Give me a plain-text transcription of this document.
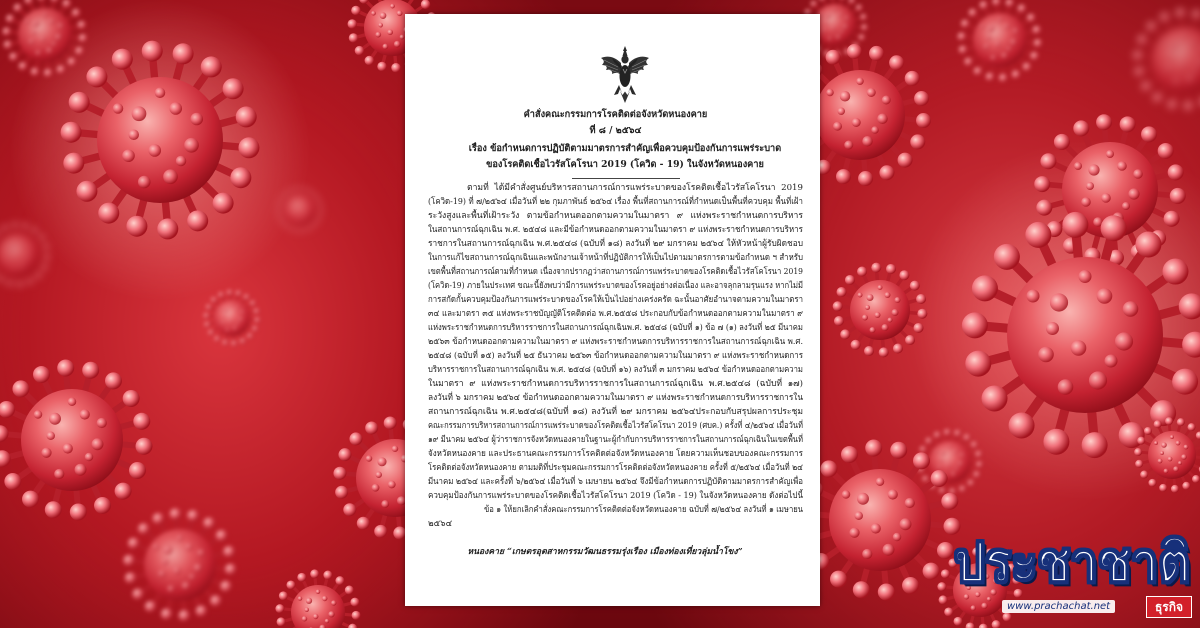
คำสั่งคณะกรรมการโรคติดต่อจังหวัดหนองคาย
ที่ ๘ / ๒๕๖๔
เรื่อง ข้อกำหนดการปฏิบัติตามมาตรการสำคัญเพื่อควบคุมป้องกันการแพร่ระบาด
ของโรคติดเชื้อไวรัสโคโรนา 2019 (โควิด - 19) ในจังหวัดหนองคาย
ตามที่ ได้มีคำสั่งศูนย์บริหารสถานการณ์การแพร่ระบาดของโรคติดเชื้อไวรัสโคโรนา 2019
(โควิด-19) ที่ ๗/๒๕๖๔ เมื่อวันที่ ๒๒ กุมภาพันธ์ ๒๕๖๔ เรื่อง พื้นที่สถานการณ์ที่กำหนดเป็นพื้นที่ควบคุม พื้นที่เฝ้า
ระวังสูงและพื้นที่เฝ้าระวัง ตามข้อกำหนดออกตามความในมาตรา ๙ แห่งพระราชกำหนดการบริหาร
ในสถานการณ์ฉุกเฉิน พ.ศ. ๒๕๔๘ และมีข้อกำหนดออกตามความในมาตรา ๙ แห่งพระราชกำหนดการบริหาร
ราชการในสถานการณ์ฉุกเฉิน พ.ศ.๒๕๔๘ (ฉบับที่ ๑๘) ลงวันที่ ๒๙ มกราคม ๒๕๖๔ ให้หัวหน้าผู้รับผิดชอบ
ในการแก้ไขสถานการณ์ฉุกเฉินและพนักงานเจ้าหน้าที่ปฏิบัติการให้เป็นไปตามมาตรการตามข้อกำหนด ฯ สำหรับ
เขตพื้นที่สถานการณ์ตามที่กำหนด เนื่องจากปรากฏว่าสถานการณ์การแพร่ระบาดของโรคติดเชื้อไวรัสโคโรนา 2019
(โควิด-19) ภายในประเทศ ขณะนี้ยังพบว่ามีการแพร่ระบาดของโรคอยู่อย่างต่อเนื่อง และอาจลุกลามรุนแรง หากไม่มี
การสกัดกั้นควบคุมป้องกันการแพร่ระบาดของโรคให้เป็นไปอย่างเคร่งครัด ฉะนั้นอาศัยอำนาจตามความในมาตรา
๓๔ และมาตรา ๓๕ แห่งพระราชบัญญัติโรคติดต่อ พ.ศ.๒๕๕๘ ประกอบกับข้อกำหนดออกตามความในมาตรา ๙
แห่งพระราชกำหนดการบริหารราชการในสถานการณ์ฉุกเฉินพ.ศ. ๒๕๔๘ (ฉบับที่ ๑) ข้อ ๗ (๑) ลงวันที่ ๒๕ มีนาคม
๒๕๖๓ ข้อกำหนดออกตามความในมาตรา ๙ แห่งพระราชกำหนดการบริหารราชการในสถานการณ์ฉุกเฉิน พ.ศ.
๒๕๔๘ (ฉบับที่ ๑๕) ลงวันที่ ๒๕ ธันวาคม ๒๕๖๓ ข้อกำหนดออกตามความในมาตรา ๙ แห่งพระราชกำหนดการ
บริหารราชการในสถานการณ์ฉุกเฉิน พ.ศ. ๒๕๔๘ (ฉบับที่ ๑๖) ลงวันที่ ๓ มกราคม ๒๕๖๔ ข้อกำหนดออกตามความ
ในมาตรา ๙ แห่งพระราชกำหนดการบริหารราชการในสถานการณ์ฉุกเฉิน พ.ศ.๒๕๔๘ (ฉบับที่ ๑๗)
ลงวันที่ ๖ มกราคม ๒๕๖๔ ข้อกำหนดออกตามความในมาตรา ๙ แห่งพระราชกำหนดการบริหารราชการใน
สถานการณ์ฉุกเฉิน พ.ศ.๒๕๔๘(ฉบับที่ ๑๘) ลงวันที่ ๒๙ มกราคม ๒๕๖๔ประกอบกับสรุปผลการประชุม
คณะกรรมการบริหารสถานการณ์การแพร่ระบาดของโรคติดเชื้อไวรัสโคโรนา 2019 (ศบค.) ครั้งที่ ๔/๒๕๖๔ เมื่อวันที่
๑๙ มีนาคม ๒๕๖๔ ผู้ว่าราชการจังหวัดหนองคายในฐานะผู้กำกับการบริหารราชการในสถานการณ์ฉุกเฉินในเขตพื้นที่
จังหวัดหนองคาย และประธานคณะกรรมการโรคติดต่อจังหวัดหนองคาย โดยความเห็นชอบของคณะกรรมการ
โรคติดต่อจังหวัดหนองคาย ตามมติที่ประชุมคณะกรรมการโรคติดต่อจังหวัดหนองคาย ครั้งที่ ๕/๒๕๖๔ เมื่อวันที่ ๒๔
มีนาคม ๒๕๖๔ และครั้งที่ ๖/๒๕๖๔ เมื่อวันที่ ๖ เมษายน ๒๕๖๔ จึงมีข้อกำหนดการปฏิบัติตามมาตรการสำคัญเพื่อ
ควบคุมป้องกันการแพร่ระบาดของโรคติดเชื้อไวรัสโคโรนา 2019 (โควิด - 19) ในจังหวัดหนองคาย ดังต่อไปนี้
ข้อ ๑ ให้ยกเลิกคำสั่งคณะกรรมการโรคติดต่อจังหวัดหนองคาย ฉบับที่ ๗/๒๕๖๔ ลงวันที่ ๑ เมษายน
๒๕๖๔
หนองคาย “เกษตรอุตสาหกรรมวัฒนธรรมรุ่งเรือง เมืองท่องเที่ยวลุ่มน้ำโขง”	ประชาชาติ
www.prachachat.net	ธุรกิจ
